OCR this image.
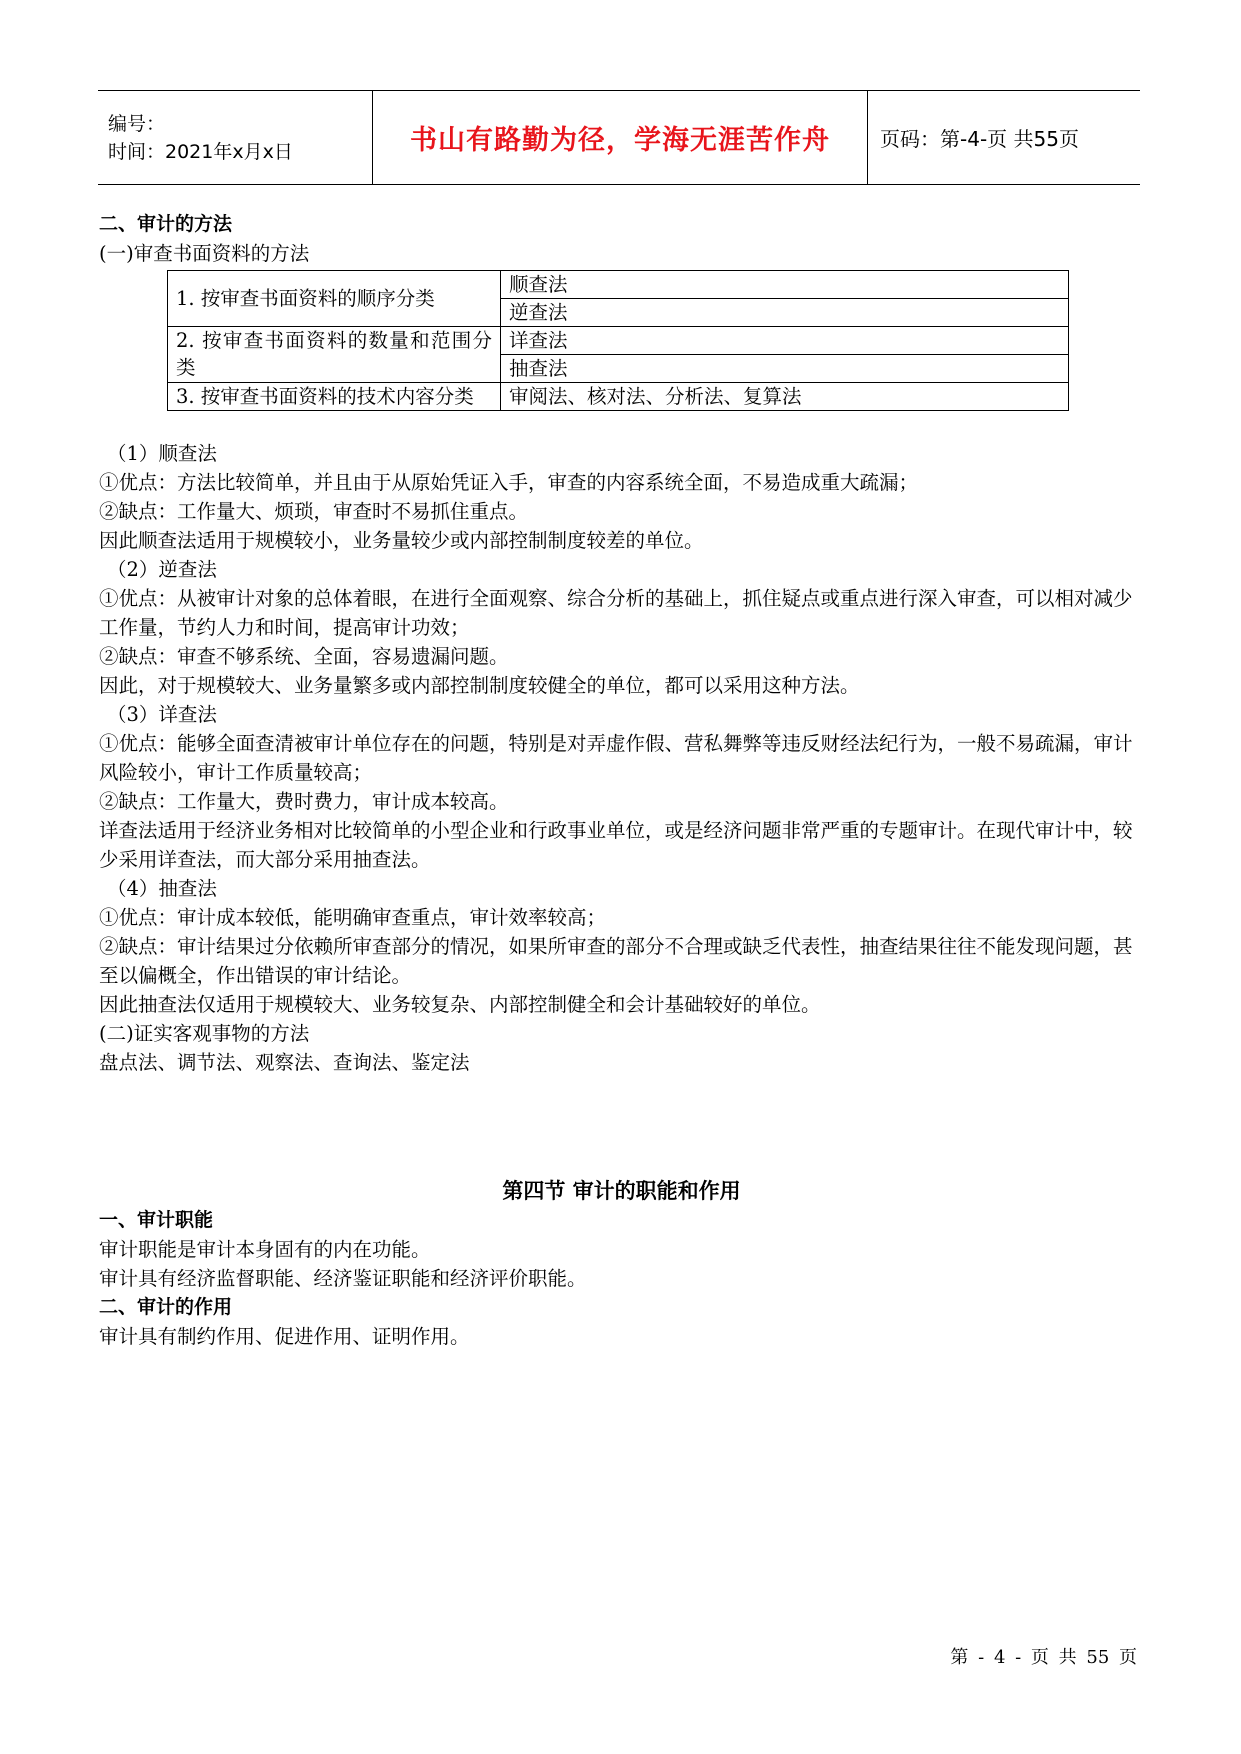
编号：
时间：2021年x月x日	书山有路勤为径，学海无涯苦作舟	页码：第-4-页 共55页

二、审计的方法

(一)审查书面资料的方法

1. 按审查书面资料的顺序分类	顺查法
	逆查法
2. 按审查书面资料的数量和范围分类	详查法
	抽查法
3. 按审查书面资料的技术内容分类	审阅法、核对法、分析法、复算法

（1）顺查法

①优点：方法比较简单，并且由于从原始凭证入手，审查的内容系统全面，不易造成重大疏漏；

②缺点：工作量大、烦琐，审查时不易抓住重点。

因此顺查法适用于规模较小，业务量较少或内部控制制度较差的单位。

（2）逆查法

①优点：从被审计对象的总体着眼，在进行全面观察、综合分析的基础上，抓住疑点或重点进行深入审查，可以相对减少工作量，节约人力和时间，提高审计功效；

②缺点：审查不够系统、全面，容易遗漏问题。

因此，对于规模较大、业务量繁多或内部控制制度较健全的单位，都可以采用这种方法。

（3）详查法

①优点：能够全面查清被审计单位存在的问题，特别是对弄虚作假、营私舞弊等违反财经法纪行为，一般不易疏漏，审计风险较小，审计工作质量较高；

②缺点：工作量大，费时费力，审计成本较高。

详查法适用于经济业务相对比较简单的小型企业和行政事业单位，或是经济问题非常严重的专题审计。在现代审计中，较少采用详查法，而大部分采用抽查法。

（4）抽查法

①优点：审计成本较低，能明确审查重点，审计效率较高；

②缺点：审计结果过分依赖所审查部分的情况，如果所审查的部分不合理或缺乏代表性，抽查结果往往不能发现问题，甚至以偏概全，作出错误的审计结论。

因此抽查法仅适用于规模较大、业务较复杂、内部控制健全和会计基础较好的单位。

(二)证实客观事物的方法

盘点法、调节法、观察法、查询法、鉴定法

第四节 审计的职能和作用

一、审计职能

审计职能是审计本身固有的内在功能。

审计具有经济监督职能、经济鉴证职能和经济评价职能。

二、审计的作用

审计具有制约作用、促进作用、证明作用。

第 - 4 - 页 共 55 页
